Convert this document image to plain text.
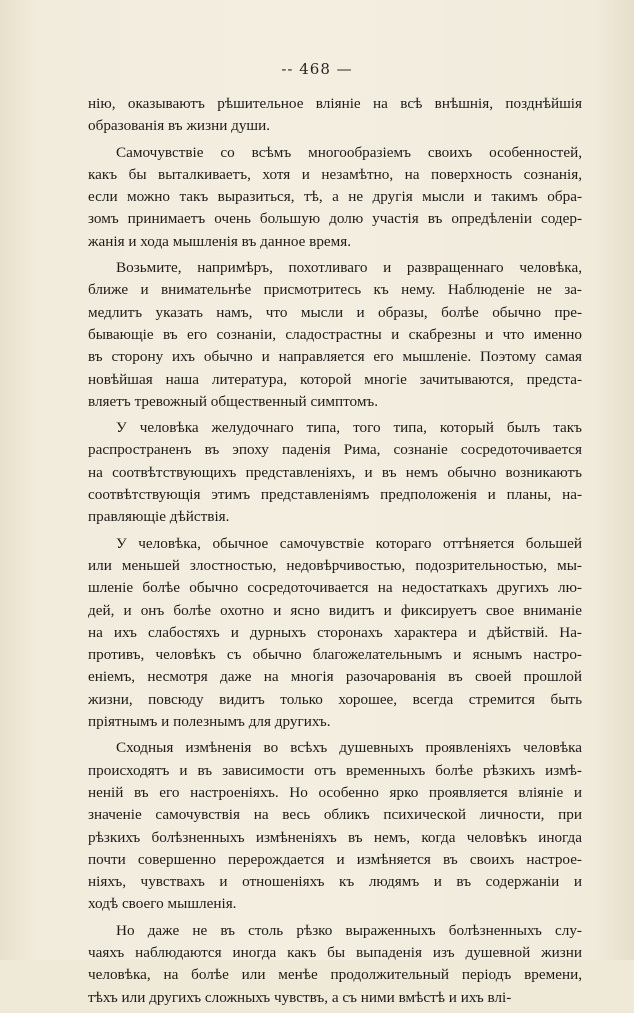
-- 468 —
нію, оказываютъ рѣшительное вліяніе на всѣ внѣшнія, позднѣйшія
образованія въ жизни души.
Самочувствіе со всѣмъ многообразіемъ своихъ особенностей,
какъ бы выталкиваетъ, хотя и незамѣтно, на поверхность сознанія,
если можно такъ выразиться, тѣ, а не другія мысли и такимъ обра-
зомъ принимаетъ очень большую долю участія въ опредѣленіи содер-
жанія и хода мышленія въ данное время.
Возьмите, напримѣръ, похотливаго и развращеннаго человѣка,
ближе и внимательнѣе присмотритесь къ нему. Наблюденіе не за-
медлитъ указать намъ, что мысли и образы, болѣе обычно пре-
бывающіе въ его сознаніи, сладострастны и скабрезны и что именно
въ сторону ихъ обычно и направляется его мышленіе. Поэтому самая
новѣйшая наша литература, которой многіе зачитываются, предста-
вляетъ тревожный общественный симптомъ.
У человѣка желудочнаго типа, того типа, который былъ такъ
распространенъ въ эпоху паденія Рима, сознаніе сосредоточивается
на соотвѣтствующихъ представленіяхъ, и въ немъ обычно возникаютъ
соотвѣтствующія этимъ представленіямъ предположенія и планы, на-
правляющіе дѣйствія.
У человѣка, обычное самочувствіе котораго оттѣняется большей
или меньшей злостностью, недовѣрчивостью, подозрительностью, мы-
шленіе болѣе обычно сосредоточивается на недостаткахъ другихъ лю-
дей, и онъ болѣе охотно и ясно видитъ и фиксируетъ свое вниманіе
на ихъ слабостяхъ и дурныхъ сторонахъ характера и дѣйствій. На-
противъ, человѣкъ съ обычно благожелательнымъ и яснымъ настро-
еніемъ, несмотря даже на многія разочарованія въ своей прошлой
жизни, повсюду видитъ только хорошее, всегда стремится быть
пріятнымъ и полезнымъ для другихъ.
Сходныя измѣненія во всѣхъ душевныхъ проявленіяхъ человѣка
происходятъ и въ зависимости отъ временныхъ болѣе рѣзкихъ измѣ-
неній въ его настроеніяхъ. Но особенно ярко проявляется вліяніе и
значеніе самочувствія на весь обликъ психической личности, при
рѣзкихъ болѣзненныхъ измѣненіяхъ въ немъ, когда человѣкъ иногда
почти совершенно перерождается и измѣняется въ своихъ настрое-
ніяхъ, чувствахъ и отношеніяхъ къ людямъ и въ содержаніи и
ходѣ своего мышленія.
Но даже не въ столь рѣзко выраженныхъ болѣзненныхъ слу-
чаяхъ наблюдаются иногда какъ бы выпаденія изъ душевной жизни
человѣка, на болѣе или менѣе продолжительный періодъ времени,
тѣхъ или другихъ сложныхъ чувствъ, а съ ними вмѣстѣ и ихъ влі-
